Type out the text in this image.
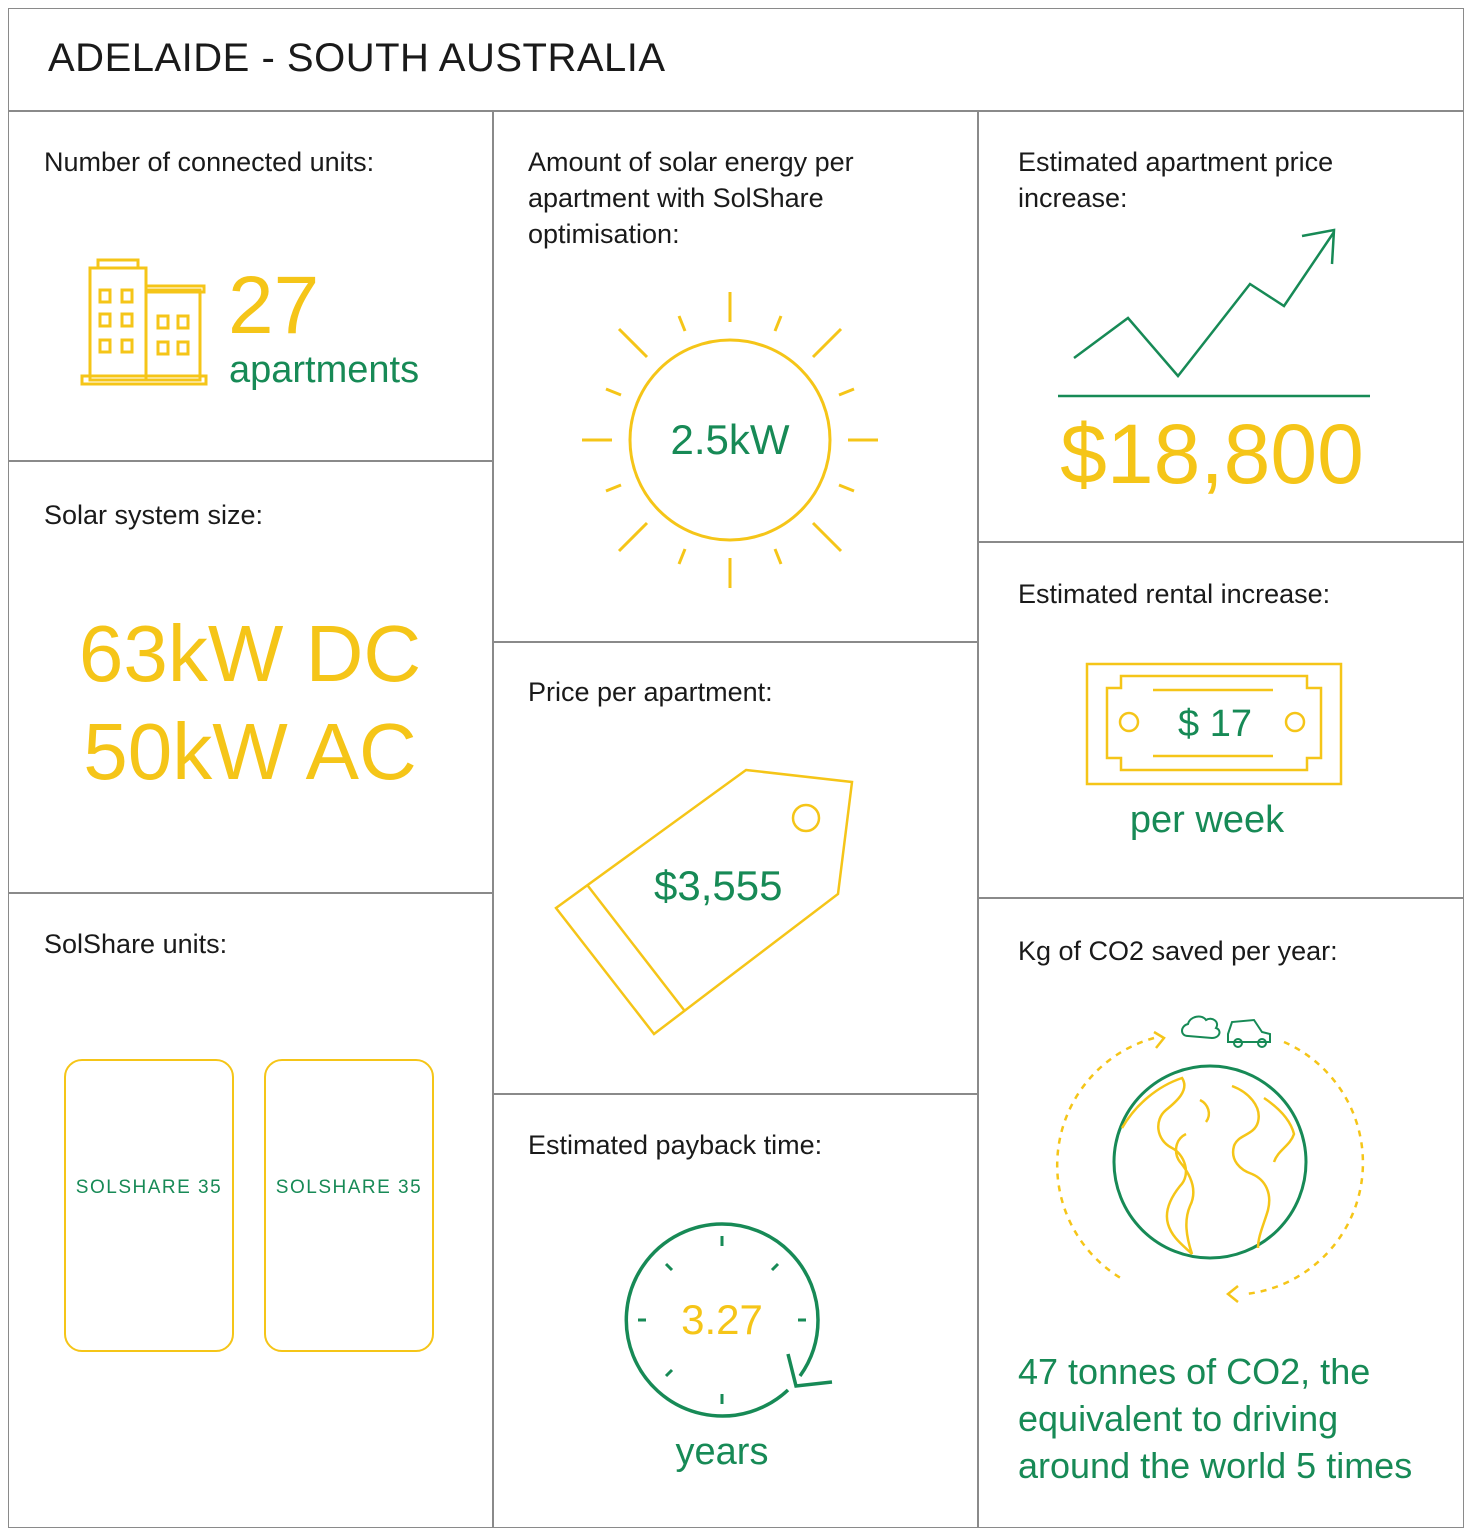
ADELAIDE - SOUTH AUSTRALIA
Number of connected units:
27
apartments
Solar system size:
63kW DC
50kW AC
SolShare units:
SOLSHARE 35	SOLSHARE 35
Amount of solar energy per apartment with SolShare optimisation:
2.5kW
Price per apartment:
$3,555
Estimated payback time:
3.27
years
Estimated apartment price increase:
$18,800
Estimated rental increase:
$ 17
per week
Kg of CO2 saved per year:
47 tonnes of CO2, the equivalent to driving around the world 5 times
